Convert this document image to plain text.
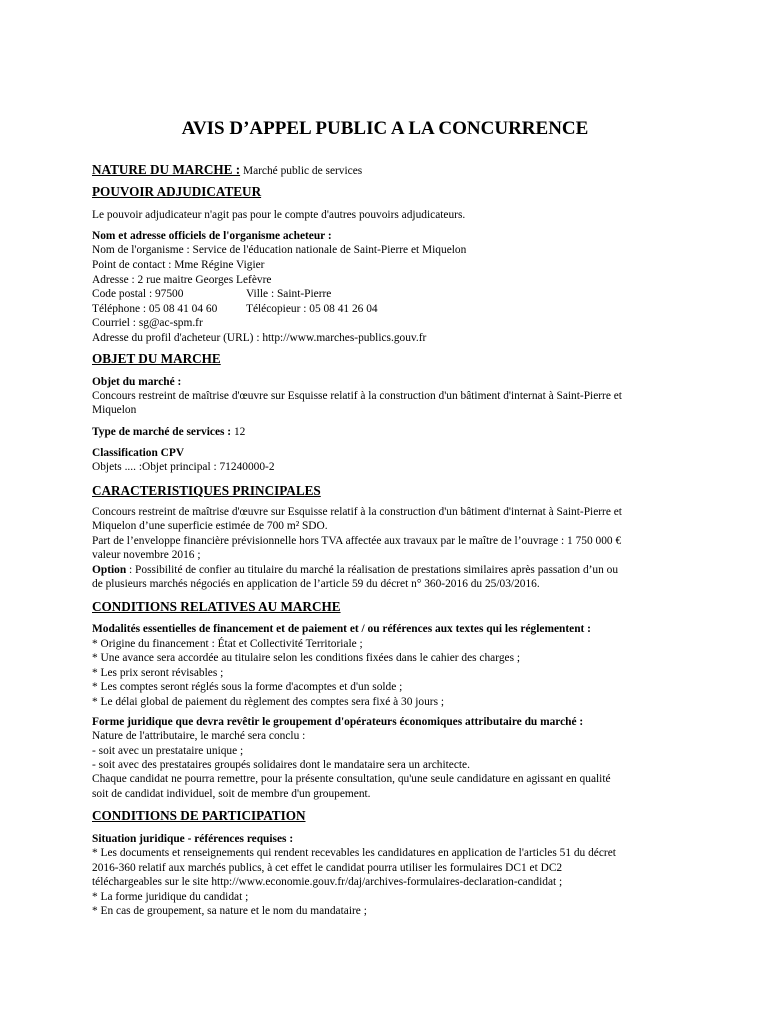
AVIS D’APPEL PUBLIC A LA CONCURRENCE
NATURE DU MARCHE : Marché public de services
POUVOIR ADJUDICATEUR
Le pouvoir adjudicateur n'agit pas pour le compte d'autres pouvoirs adjudicateurs.
Nom et adresse officiels de l'organisme acheteur :
Nom de l'organisme : Service de l'éducation nationale de Saint-Pierre et Miquelon
Point de contact : Mme Régine Vigier
Adresse : 2 rue maitre Georges Lefèvre
Code postal : 97500	Ville : Saint-Pierre
Téléphone : 05 08 41 04 60	Télécopieur : 05 08 41 26 04
Courriel : sg@ac-spm.fr
Adresse du profil d'acheteur (URL) : http://www.marches-publics.gouv.fr
OBJET DU MARCHE
Objet du marché :
Concours restreint de maîtrise d'œuvre sur Esquisse relatif à la construction d'un bâtiment d'internat à Saint-Pierre et
Miquelon
Type de marché de services : 12
Classification CPV
Objets .... :Objet principal : 71240000-2
CARACTERISTIQUES PRINCIPALES
Concours restreint de maîtrise d'œuvre sur Esquisse relatif à la construction d'un bâtiment d'internat à Saint-Pierre et
Miquelon d’une superficie estimée de 700 m² SDO.
Part de l’enveloppe financière prévisionnelle hors TVA affectée aux travaux par le maître de l’ouvrage : 1 750 000 €
valeur novembre 2016 ;
Option : Possibilité de confier au titulaire du marché la réalisation de prestations similaires après passation d’un ou
de plusieurs marchés négociés en application de l’article 59 du décret n° 360-2016 du 25/03/2016.
CONDITIONS RELATIVES AU MARCHE
Modalités essentielles de financement et de paiement et / ou références aux textes qui les réglementent :
* Origine du financement : État et Collectivité Territoriale ;
* Une avance sera accordée au titulaire selon les conditions fixées dans le cahier des charges ;
* Les prix seront révisables ;
* Les comptes seront réglés sous la forme d'acomptes et d'un solde ;
* Le délai global de paiement du règlement des comptes sera fixé à 30 jours ;
Forme juridique que devra revêtir le groupement d'opérateurs économiques attributaire du marché :
Nature de l'attributaire, le marché sera conclu :
- soit avec un prestataire unique ;
- soit avec des prestataires groupés solidaires dont le mandataire sera un architecte.
Chaque candidat ne pourra remettre, pour la présente consultation, qu'une seule candidature en agissant en qualité
soit de candidat individuel, soit de membre d'un groupement.
CONDITIONS DE PARTICIPATION
Situation juridique - références requises :
* Les documents et renseignements qui rendent recevables les candidatures en application de l'articles 51 du décret
2016-360 relatif aux marchés publics, à cet effet le candidat pourra utiliser les formulaires DC1 et DC2
téléchargeables sur le site http://www.economie.gouv.fr/daj/archives-formulaires-declaration-candidat ;
* La forme juridique du candidat ;
* En cas de groupement, sa nature et le nom du mandataire ;
